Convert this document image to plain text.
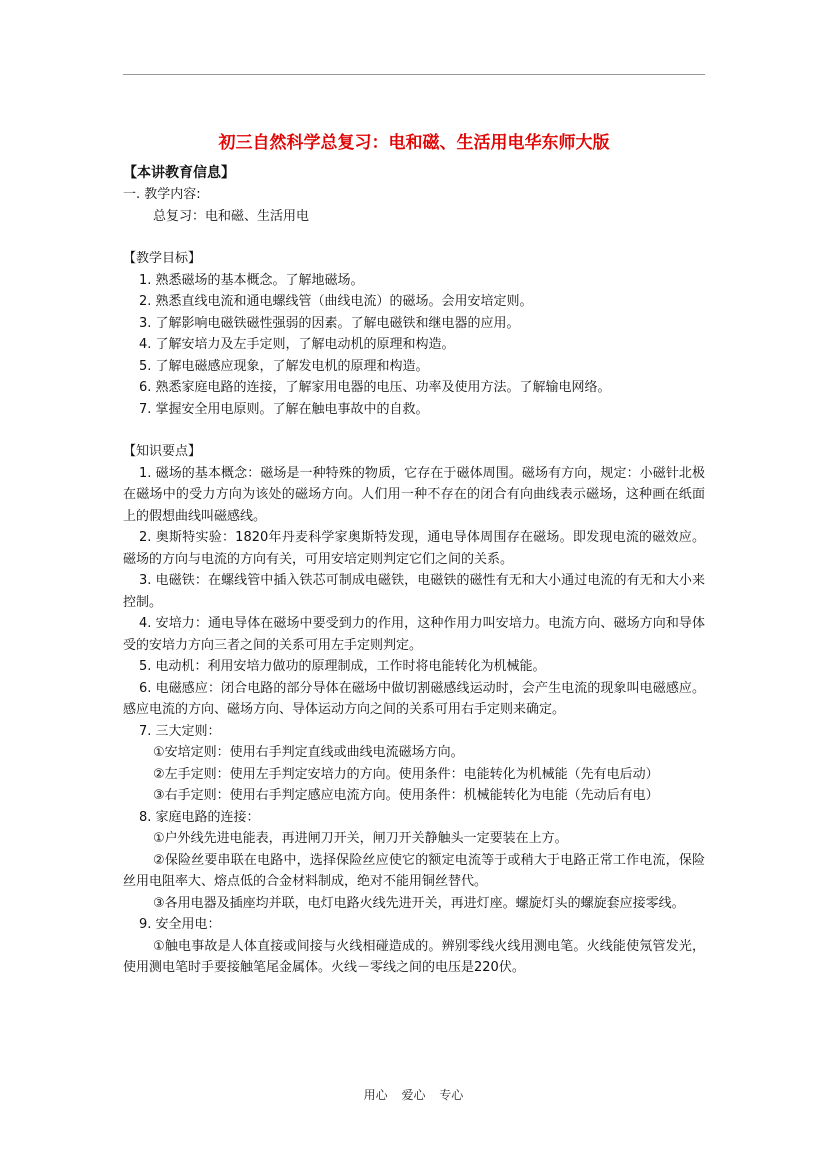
初三自然科学总复习：电和磁、生活用电华东师大版
【本讲教育信息】

一. 教学内容:

总复习：电和磁、生活用电

【教学目标】

1. 熟悉磁场的基本概念。了解地磁场。

2. 熟悉直线电流和通电螺线管（曲线电流）的磁场。会用安培定则。

3. 了解影响电磁铁磁性强弱的因素。了解电磁铁和继电器的应用。

4. 了解安培力及左手定则，了解电动机的原理和构造。

5. 了解电磁感应现象，了解发电机的原理和构造。

6. 熟悉家庭电路的连接，了解家用电器的电压、功率及使用方法。了解输电网络。

7. 掌握安全用电原则。了解在触电事故中的自救。

【知识要点】

1. 磁场的基本概念：磁场是一种特殊的物质，它存在于磁体周围。磁场有方向，规定：小磁针北极在磁场中的受力方向为该处的磁场方向。人们用一种不存在的闭合有向曲线表示磁场，这种画在纸面上的假想曲线叫磁感线。

2. 奥斯特实验：1820年丹麦科学家奥斯特发现，通电导体周围存在磁场。即发现电流的磁效应。磁场的方向与电流的方向有关，可用安培定则判定它们之间的关系。

3. 电磁铁：在螺线管中插入铁芯可制成电磁铁，电磁铁的磁性有无和大小通过电流的有无和大小来控制。

4. 安培力：通电导体在磁场中要受到力的作用，这种作用力叫安培力。电流方向、磁场方向和导体受的安培力方向三者之间的关系可用左手定则判定。

5. 电动机：利用安培力做功的原理制成，工作时将电能转化为机械能。

6. 电磁感应：闭合电路的部分导体在磁场中做切割磁感线运动时，会产生电流的现象叫电磁感应。感应电流的方向、磁场方向、导体运动方向之间的关系可用右手定则来确定。

7. 三大定则：

①安培定则：使用右手判定直线或曲线电流磁场方向。

②左手定则：使用左手判定安培力的方向。使用条件：电能转化为机械能（先有电后动）

③右手定则：使用右手判定感应电流方向。使用条件：机械能转化为电能（先动后有电）

8. 家庭电路的连接：

①户外线先进电能表，再进闸刀开关，闸刀开关静触头一定要装在上方。

②保险丝要串联在电路中，选择保险丝应使它的额定电流等于或稍大于电路正常工作电流，保险丝用电阻率大、熔点低的合金材料制成，绝对不能用铜丝替代。

③各用电器及插座均并联，电灯电路火线先进开关，再进灯座。螺旋灯头的螺旋套应接零线。

9. 安全用电：

①触电事故是人体直接或间接与火线相碰造成的。辨别零线火线用测电笔。火线能使氖管发光，使用测电笔时手要接触笔尾金属体。火线－零线之间的电压是220伏。

用心 爱心 专心
